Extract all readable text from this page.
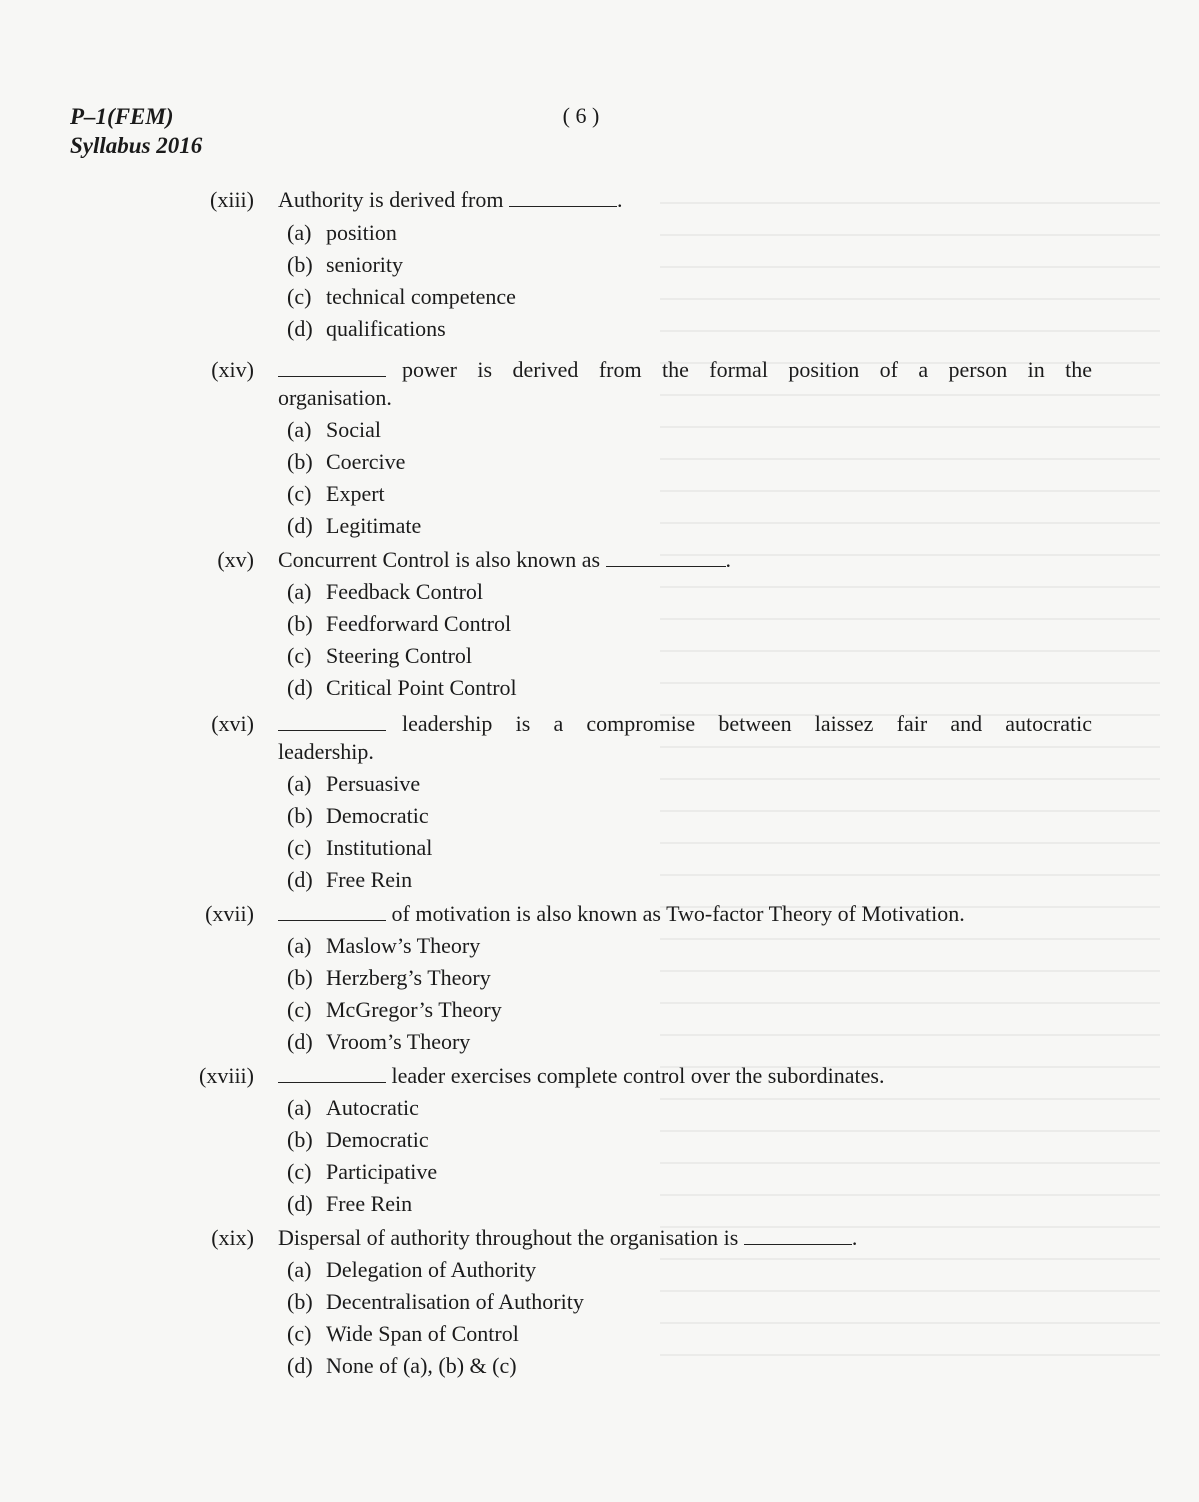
P–1(FEM)
Syllabus 2016
( 6 )
(xiii) Authority is derived from	.
(a) position
(b) seniority
(c) technical competence
(d) qualifications
(xiv)	power is derived from the formal position of a person in the
organisation.
(a) Social
(b) Coercive
(c) Expert
(d) Legitimate
(xv) Concurrent Control is also known as	.
(a) Feedback Control
(b) Feedforward Control
(c) Steering Control
(d) Critical Point Control
(xvi)	leadership is a compromise between laissez fair and autocratic
leadership.
(a) Persuasive
(b) Democratic
(c) Institutional
(d) Free Rein
(xvii)	of motivation is also known as Two-factor Theory of Motivation.
(a) Maslow’s Theory
(b) Herzberg’s Theory
(c) McGregor’s Theory
(d) Vroom’s Theory
(xviii)	leader exercises complete control over the subordinates.
(a) Autocratic
(b) Democratic
(c) Participative
(d) Free Rein
(xix) Dispersal of authority throughout the organisation is	.
(a) Delegation of Authority
(b) Decentralisation of Authority
(c) Wide Span of Control
(d) None of (a), (b) & (c)
